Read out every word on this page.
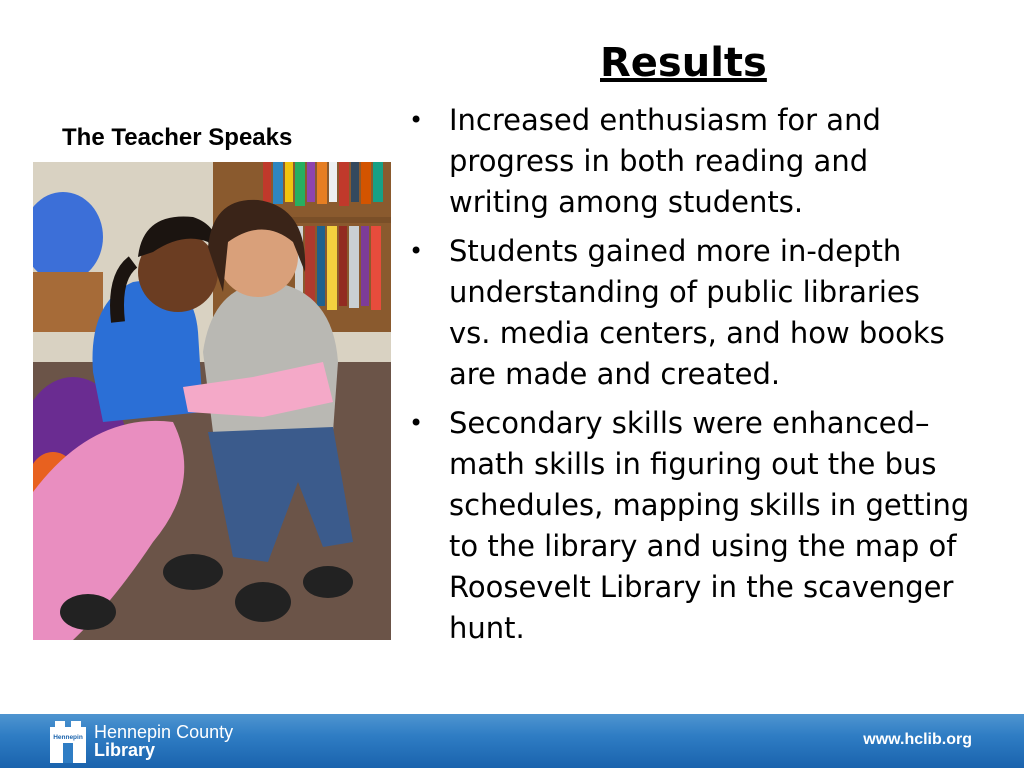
Results
The Teacher Speaks
• Increased enthusiasm for and progress in both reading and writing among students.
• Students gained more in-depth understanding of public libraries vs. media centers, and how books are made and created.
• Secondary skills were enhanced– math skills in figuring out the bus schedules, mapping skills in getting to the library and using the map of Roosevelt Library in the scavenger hunt.
Hennepin Hennepin County
Library
www.hclib.org
